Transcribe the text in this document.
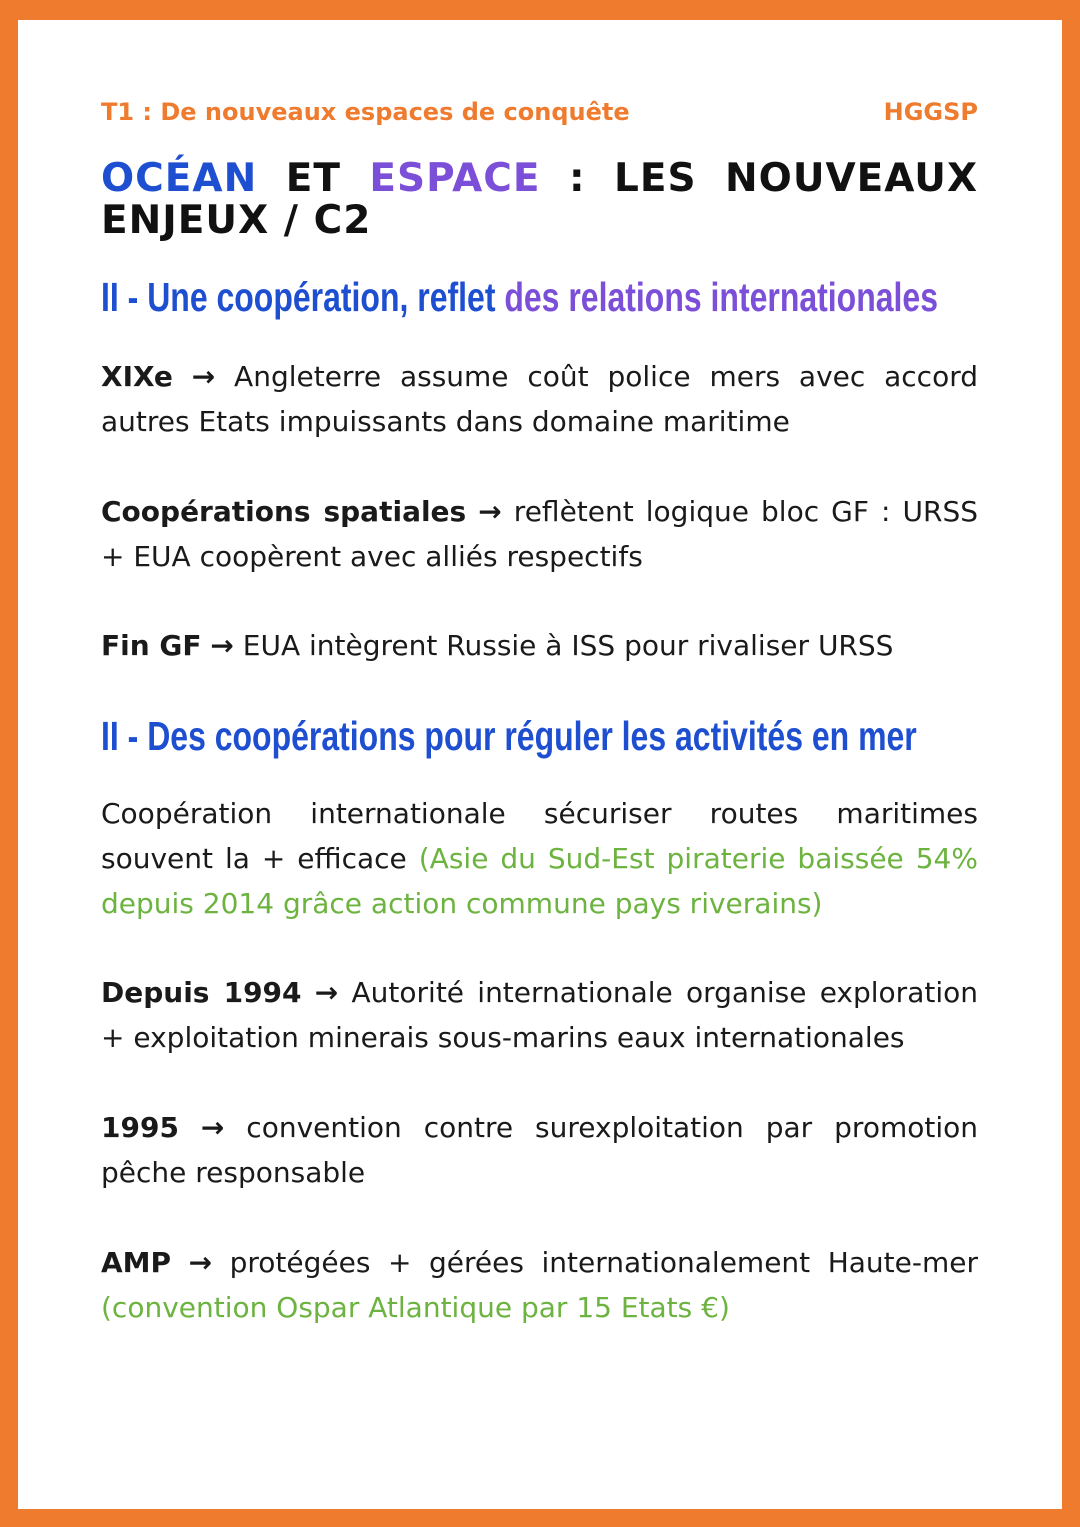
T1 : De nouveaux espaces de conquête	HGGSP
OCÉAN ET ESPACE : LES NOUVEAUX
ENJEUX / C2
II - Une coopération, reflet des relations internationales

XIXe → Angleterre assume coût police mers avec accord autres Etats impuissants dans domaine maritime

Coopérations spatiales → reflètent logique bloc GF : URSS + EUA coopèrent avec alliés respectifs

Fin GF → EUA intègrent Russie à ISS pour rivaliser URSS

II - Des coopérations pour réguler les activités en mer

Coopération internationale sécuriser routes maritimes souvent la + efficace (Asie du Sud-Est piraterie baissée 54% depuis 2014 grâce action commune pays riverains)

Depuis 1994 → Autorité internationale organise exploration + exploitation minerais sous-marins eaux internationales

1995 → convention contre surexploitation par promotion pêche responsable

AMP → protégées + gérées internationalement Haute-mer (convention Ospar Atlantique par 15 Etats €)
